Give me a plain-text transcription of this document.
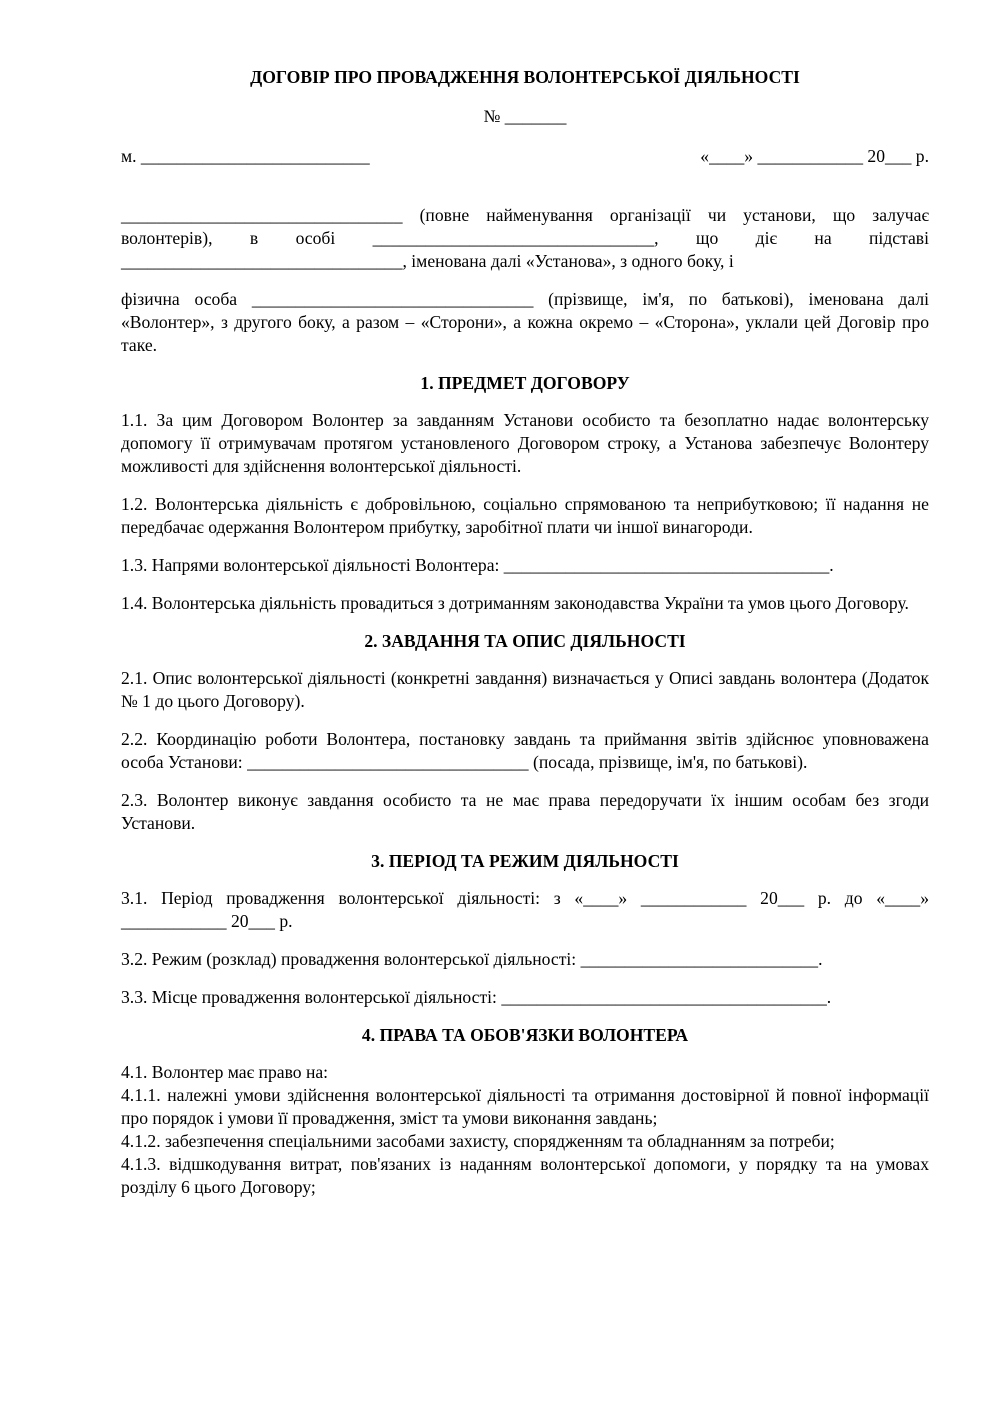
ДОГОВІР ПРО ПРОВАДЖЕННЯ ВОЛОНТЕРСЬКОЇ ДІЯЛЬНОСТІ
№ _______
м. __________________________	«____» ____________ 20___ р.

________________________________ (повне найменування організації чи установи, що залучає волонтерів), в особі ________________________________, що діє на підставі ________________________________, іменована далі «Установа», з одного боку, і

фізична особа ________________________________ (прізвище, ім'я, по батькові), іменована далі «Волонтер», з другого боку, а разом – «Сторони», а кожна окремо – «Сторона», уклали цей Договір про таке.

1. ПРЕДМЕТ ДОГОВОРУ

1.1. За цим Договором Волонтер за завданням Установи особисто та безоплатно надає волонтерську допомогу її отримувачам протягом установленого Договором строку, а Установа забезпечує Волонтеру можливості для здійснення волонтерської діяльності.

1.2. Волонтерська діяльність є добровільною, соціально спрямованою та неприбутковою; її надання не передбачає одержання Волонтером прибутку, заробітної плати чи іншої винагороди.

1.3. Напрями волонтерської діяльності Волонтера: _____________________________________.

1.4. Волонтерська діяльність провадиться з дотриманням законодавства України та умов цього Договору.

2. ЗАВДАННЯ ТА ОПИС ДІЯЛЬНОСТІ

2.1. Опис волонтерської діяльності (конкретні завдання) визначається у Описі завдань волонтера (Додаток № 1 до цього Договору).

2.2. Координацію роботи Волонтера, постановку завдань та приймання звітів здійснює уповноважена особа Установи: ________________________________ (посада, прізвище, ім'я, по батькові).

2.3. Волонтер виконує завдання особисто та не має права передоручати їх іншим особам без згоди Установи.

3. ПЕРІОД ТА РЕЖИМ ДІЯЛЬНОСТІ

3.1. Період провадження волонтерської діяльності: з «____» ____________ 20___ р. до «____» ____________ 20___ р.

3.2. Режим (розклад) провадження волонтерської діяльності: ___________________________.

3.3. Місце провадження волонтерської діяльності: _____________________________________.

4. ПРАВА ТА ОБОВ'ЯЗКИ ВОЛОНТЕРА

4.1. Волонтер має право на:

4.1.1. належні умови здійснення волонтерської діяльності та отримання достовірної й повної інформації про порядок і умови її провадження, зміст та умови виконання завдань;

4.1.2. забезпечення спеціальними засобами захисту, спорядженням та обладнанням за потреби;

4.1.3. відшкодування витрат, пов'язаних із наданням волонтерської допомоги, у порядку та на умовах розділу 6 цього Договору;
